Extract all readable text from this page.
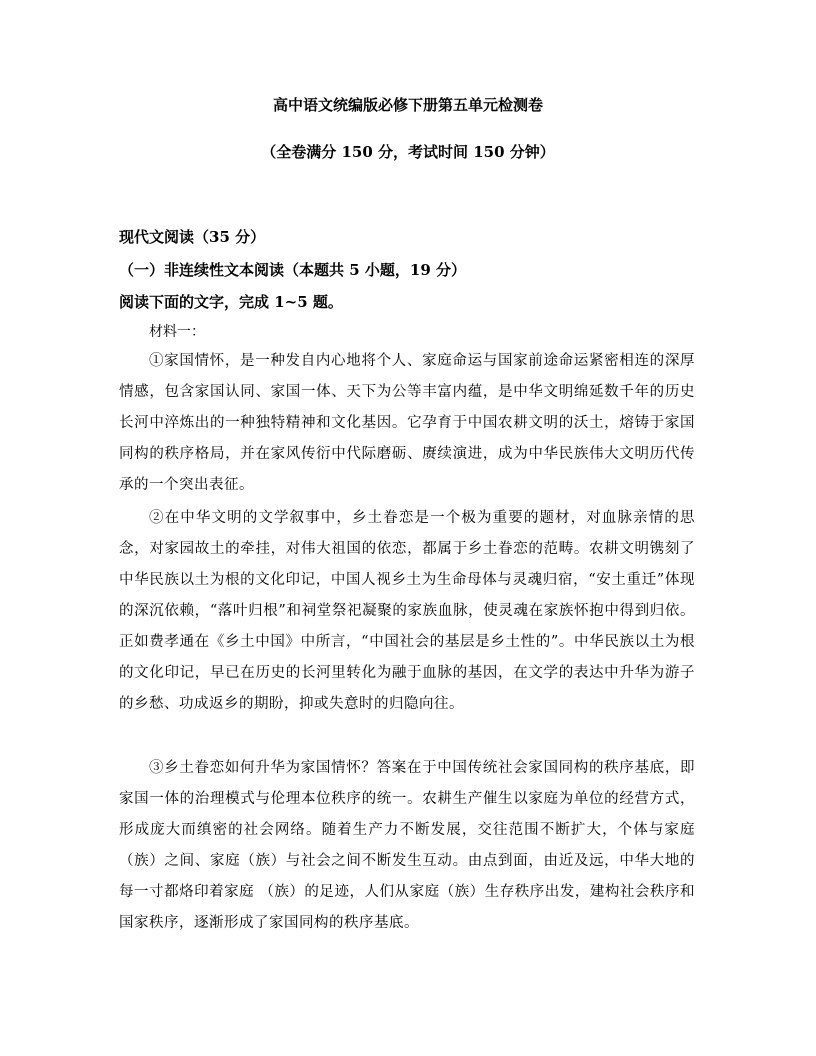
高中语文统编版必修下册第五单元检测卷
（全卷满分 150 分，考试时间 150 分钟）
现代文阅读（35 分）
（一）非连续性文本阅读（本题共 5 小题，19 分）
阅读下面的文字，完成 1~5 题。
材料一：

①家国情怀，是一种发自内心地将个人、家庭命运与国家前途命运紧密相连的深厚情感，包含家国认同、家国一体、天下为公等丰富内蕴，是中华文明绵延数千年的历史长河中淬炼出的一种独特精神和文化基因。它孕育于中国农耕文明的沃土，熔铸于家国同构的秩序格局，并在家风传衍中代际磨砺、赓续演进，成为中华民族伟大文明历代传承的一个突出表征。

②在中华文明的文学叙事中，乡土眷恋是一个极为重要的题材，对血脉亲情的思念，对家园故土的牵挂，对伟大祖国的依恋，都属于乡土眷恋的范畴。农耕文明镌刻了中华民族以土为根的文化印记，中国人视乡土为生命母体与灵魂归宿，“安土重迁”体现的深沉依赖，“落叶归根”和祠堂祭祀凝聚的家族血脉，使灵魂在家族怀抱中得到归依。正如费孝通在《乡土中国》中所言，“中国社会的基层是乡土性的”。中华民族以土为根的文化印记，早已在历史的长河里转化为融于血脉的基因，在文学的表达中升华为游子的乡愁、功成返乡的期盼，抑或失意时的归隐向往。

③乡土眷恋如何升华为家国情怀？答案在于中国传统社会家国同构的秩序基底，即家国一体的治理模式与伦理本位秩序的统一。农耕生产催生以家庭为单位的经营方式，形成庞大而缜密的社会网络。随着生产力不断发展，交往范围不断扩大，个体与家庭（族）之间、家庭（族）与社会之间不断发生互动。由点到面，由近及远，中华大地的每一寸都烙印着家庭 （族）的足迹，人们从家庭（族）生存秩序出发，建构社会秩序和国家秩序，逐渐形成了家国同构的秩序基底。
